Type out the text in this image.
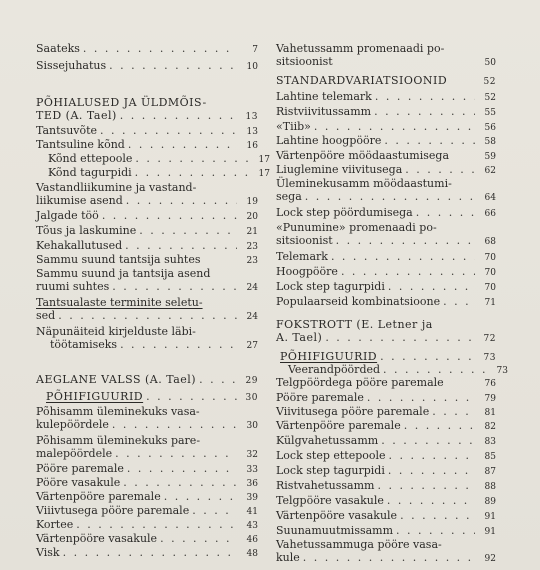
Saateks . . .	7
Sissejuhatus . . .	10
PÕHIALUSED JA ÜLDMÕIS-
TED (A. Tael) . . .	13
Tantsuvõte . . .	13
Tantsuline kõnd . . .	16
Kõnd ettepoole . . .	17
Kõnd tagurpidi . . .	17
Vastandliikumine ja vastand-
liikumise asend . . .	19
Jalgade töö . . .	20
Tõus ja laskumine . . .	21
Kehakallutused . . .	23
Sammu suund tantsija suhtes	23
Sammu suund ja tantsija asend
ruumi suhtes . . .	24
Tantsualaste terminite seletu-
sed . . .	24
Näpunäiteid kirjelduste läbi-
töötamiseks . . .	27
AEGLANE VALSS (A. Tael) . . .	29
PÕHIFIGUURID . . .	30
Põhisamm üleminekuks vasa-
kulepöördele . . .	30
Põhisamm üleminekuks pare-
malepöördele . . .	32
Pööre paremale . . .	33
Pööre vasakule . . .	36
Värtenpööre paremale . . .	39
Viiivtusega pööre paremale . . .	41
Kortee . . .	43
Värtenpööre vasakule . . .	46
Visk . . .	48
Vahetussamm promenaadi po-
sitsioonist	50
STANDARDVARIATSIOONID	52
Lahtine telemark . . .	52
Ristviivitussamm . . .	55
«Tiib» . . .	56
Lahtine hoogpööre . . .	58
Värtenpööre möödaastumisega	59
Liuglemine viivitusega . . .	62
Üleminekusamm möödaastumi-
sega . . .	64
Lock step pöördumisega . . .	66
«Punumine» promenaadi po-
sitsioonist . . .	68
Telemark . . .	70
Hoogpööre . . .	70
Lock step tagurpidi . . .	70
Populaarseid kombinatsioone . . .	71
FOKSTROTT (E. Letner ja
A. Tael) . . .	72
PÕHIFIGUURID . . .	73
Veerandpöörded . . .	73
Telgpöördega pööre paremale	76
Pööre paremale . . .	79
Viivitusega pööre paremale . . .	81
Värtenpööre paremale . . .	82
Külgvahetussamm . . .	83
Lock step ettepoole . . .	85
Lock step tagurpidi . . .	87
Ristvahetussamm . . .	88
Telgpööre vasakule . . .	89
Värtenpööre vasakule . . .	91
Suunamuutmissamm . . .	91
Vahetussammuga pööre vasa-
kule . . .	92
